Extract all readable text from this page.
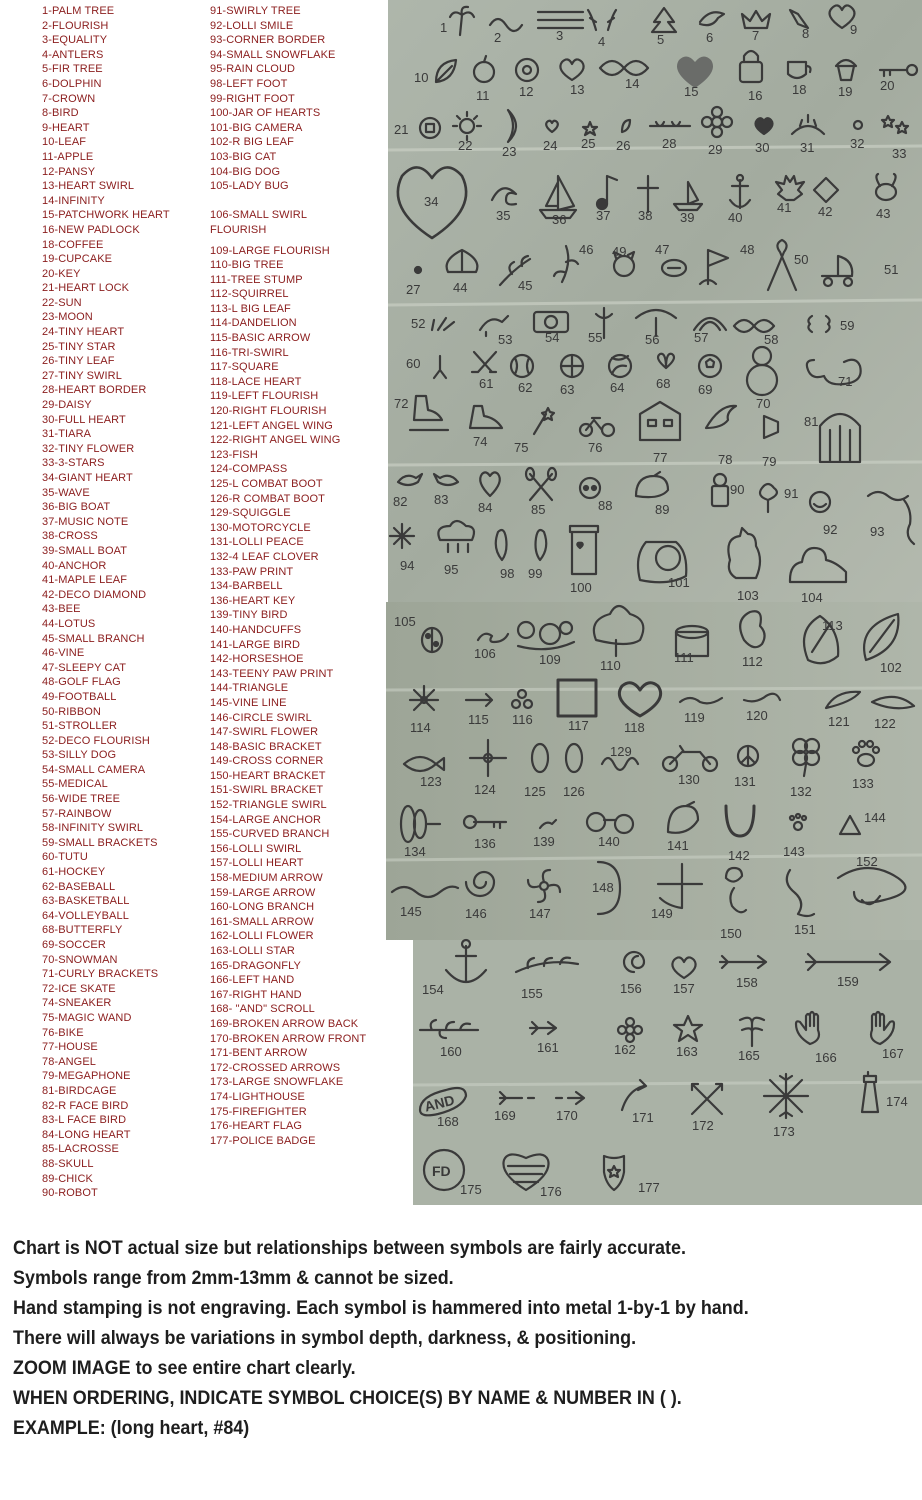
1-PALM TREE
2-FLOURISH
3-EQUALITY
4-ANTLERS
5-FIR TREE
6-DOLPHIN
7-CROWN
8-BIRD
9-HEART
10-LEAF
11-APPLE
12-PANSY
13-HEART SWIRL
14-INFINITY
15-PATCHWORK HEART
16-NEW PADLOCK
18-COFFEE
19-CUPCAKE
20-KEY
21-HEART LOCK
22-SUN
23-MOON
24-TINY HEART
25-TINY STAR
26-TINY LEAF
27-TINY SWIRL
28-HEART BORDER
29-DAISY
30-FULL HEART
31-TIARA
32-TINY FLOWER
33-3-STARS
34-GIANT HEART
35-WAVE
36-BIG BOAT
37-MUSIC NOTE
38-CROSS
39-SMALL BOAT
40-ANCHOR
41-MAPLE LEAF
42-DECO DIAMOND
43-BEE
44-LOTUS
45-SMALL BRANCH
46-VINE
47-SLEEPY CAT
48-GOLF FLAG
49-FOOTBALL
50-RIBBON
51-STROLLER
52-DECO FLOURISH
53-SILLY DOG
54-SMALL CAMERA
55-MEDICAL
56-WIDE TREE
57-RAINBOW
58-INFINITY SWIRL
59-SMALL BRACKETS
60-TUTU
61-HOCKEY
62-BASEBALL
63-BASKETBALL
64-VOLLEYBALL
68-BUTTERFLY
69-SOCCER
70-SNOWMAN
71-CURLY BRACKETS
72-ICE SKATE
74-SNEAKER
75-MAGIC WAND
76-BIKE
77-HOUSE
78-ANGEL
79-MEGAPHONE
81-BIRDCAGE
82-R FACE BIRD
83-L FACE BIRD
84-LONG HEART
85-LACROSSE
88-SKULL
89-CHICK
90-ROBOT
91-SWIRLY TREE
92-LOLLI SMILE
93-CORNER BORDER
94-SMALL SNOWFLAKE
95-RAIN CLOUD
98-LEFT FOOT
99-RIGHT FOOT
100-JAR OF HEARTS
101-BIG CAMERA
102-R BIG LEAF
103-BIG CAT
104-BIG DOG
105-LADY BUG
106-SMALL SWIRL
FLOURISH
109-LARGE FLOURISH
110-BIG TREE
111-TREE STUMP
112-SQUIRREL
113-L BIG LEAF
114-DANDELION
115-BASIC ARROW
116-TRI-SWIRL
117-SQUARE
118-LACE HEART
119-LEFT FLOURISH
120-RIGHT FLOURISH
121-LEFT ANGEL WING
122-RIGHT ANGEL WING
123-FISH
124-COMPASS
125-L COMBAT BOOT
126-R COMBAT BOOT
129-SQUIGGLE
130-MOTORCYCLE
131-LOLLI PEACE
132-4 LEAF CLOVER
133-PAW PRINT
134-BARBELL
136-HEART KEY
139-TINY BIRD
140-HANDCUFFS
141-LARGE BIRD
142-HORSESHOE
143-TEENY PAW PRINT
144-TRIANGLE
145-VINE LINE
146-CIRCLE SWIRL
147-SWIRL FLOWER
148-BASIC BRACKET
149-CROSS CORNER
150-HEART BRACKET
151-SWIRL BRACKET
152-TRIANGLE SWIRL
154-LARGE ANCHOR
155-CURVED BRANCH
156-LOLLI SWIRL
157-LOLLI HEART
158-MEDIUM ARROW
159-LARGE ARROW
160-LONG BRANCH
161-SMALL ARROW
162-LOLLI FLOWER
163-LOLLI STAR
165-DRAGONFLY
166-LEFT HAND
167-RIGHT HAND
168- "AND" SCROLL
169-BROKEN ARROW BACK
170-BROKEN ARROW FRONT
171-BENT ARROW
172-CROSSED ARROWS
173-LARGE SNOWFLAKE
174-LIGHTHOUSE
175-FIREFIGHTER
176-HEART FLAG
177-POLICE BADGE
AND
FD
1
2	3	4	5	6	7	8	9
10
11 12	13	14
15	16 18 19 20
21
22 23 24 25 26 28 29	30 31	32
33
34
35	36 37 38 39	40
41 42	43
27	44	45
46 49 47	48
50
51
52
53	54 55	56	57	58
59
60
61 62 63	64 68 69
70
71
72
74 75	76
77	78 79
81
82 83
84	85	88	89
90	91
92	93
94 95	98 99
100	101
103	104
105
106	109	110
111	112
113
102
114
115 116	117	118
119	120	121 122
123
124 125 126
129
130	131
132
133
134
136	139	140	141
142	143
144
145	146	147
148
149
150	151
152
154	155	156 157	158	159
160	161	162	163	165	166	167
168	169	170	171
172	173
174
175	176	177
Chart is NOT actual size but relationships between symbols are fairly accurate.
Symbols range from 2mm-13mm & cannot be sized.
Hand stamping is not engraving. Each symbol is hammered into metal 1-by-1 by hand.
There will always be variations in symbol depth, darkness, & positioning.
ZOOM IMAGE to see entire chart clearly.
WHEN ORDERING, INDICATE SYMBOL CHOICE(S) BY NAME & NUMBER IN ( ).
EXAMPLE: (long heart, #84)
